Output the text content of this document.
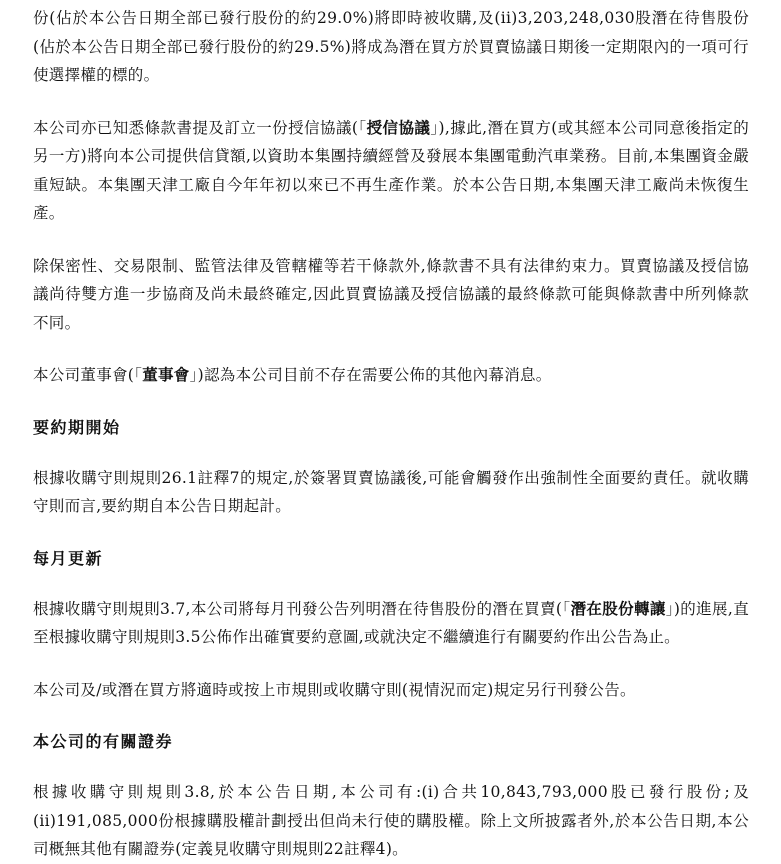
份(佔於本公告日期全部已發行股份的約29.0%)將即時被收購,及(ii)3,203,248,030股潛在待售股份(佔於本公告日期全部已發行股份的約29.5%)將成為潛在買方於買賣協議日期後一定期限內的一項可行使選擇權的標的。

本公司亦已知悉條款書提及訂立一份授信協議(「授信協議」),據此,潛在買方(或其經本公司同意後指定的另一方)將向本公司提供信貸額,以資助本集團持續經營及發展本集團電動汽車業務。目前,本集團資金嚴重短缺。本集團天津工廠自今年年初以來已不再生產作業。於本公告日期,本集團天津工廠尚未恢復生產。

除保密性、交易限制、監管法律及管轄權等若干條款外,條款書不具有法律約束力。買賣協議及授信協議尚待雙方進一步協商及尚未最終確定,因此買賣協議及授信協議的最終條款可能與條款書中所列條款不同。

本公司董事會(「董事會」)認為本公司目前不存在需要公佈的其他內幕消息。

要約期開始

根據收購守則規則26.1註釋7的規定,於簽署買賣協議後,可能會觸發作出強制性全面要約責任。就收購守則而言,要約期自本公告日期起計。

每月更新

根據收購守則規則3.7,本公司將每月刊發公告列明潛在待售股份的潛在買賣(「潛在股份轉讓」)的進展,直至根據收購守則規則3.5公佈作出確實要約意圖,或就決定不繼續進行有關要約作出公告為止。

本公司及/或潛在買方將適時或按上市規則或收購守則(視情況而定)規定另行刊發公告。

本公司的有關證券

根據收購守則規則3.8,於本公告日期,本公司有:(i)合共10,843,793,000股已發行股份;及(ii)191,085,000份根據購股權計劃授出但尚未行使的購股權。除上文所披露者外,於本公告日期,本公司概無其他有關證券(定義見收購守則規則22註釋4)。
